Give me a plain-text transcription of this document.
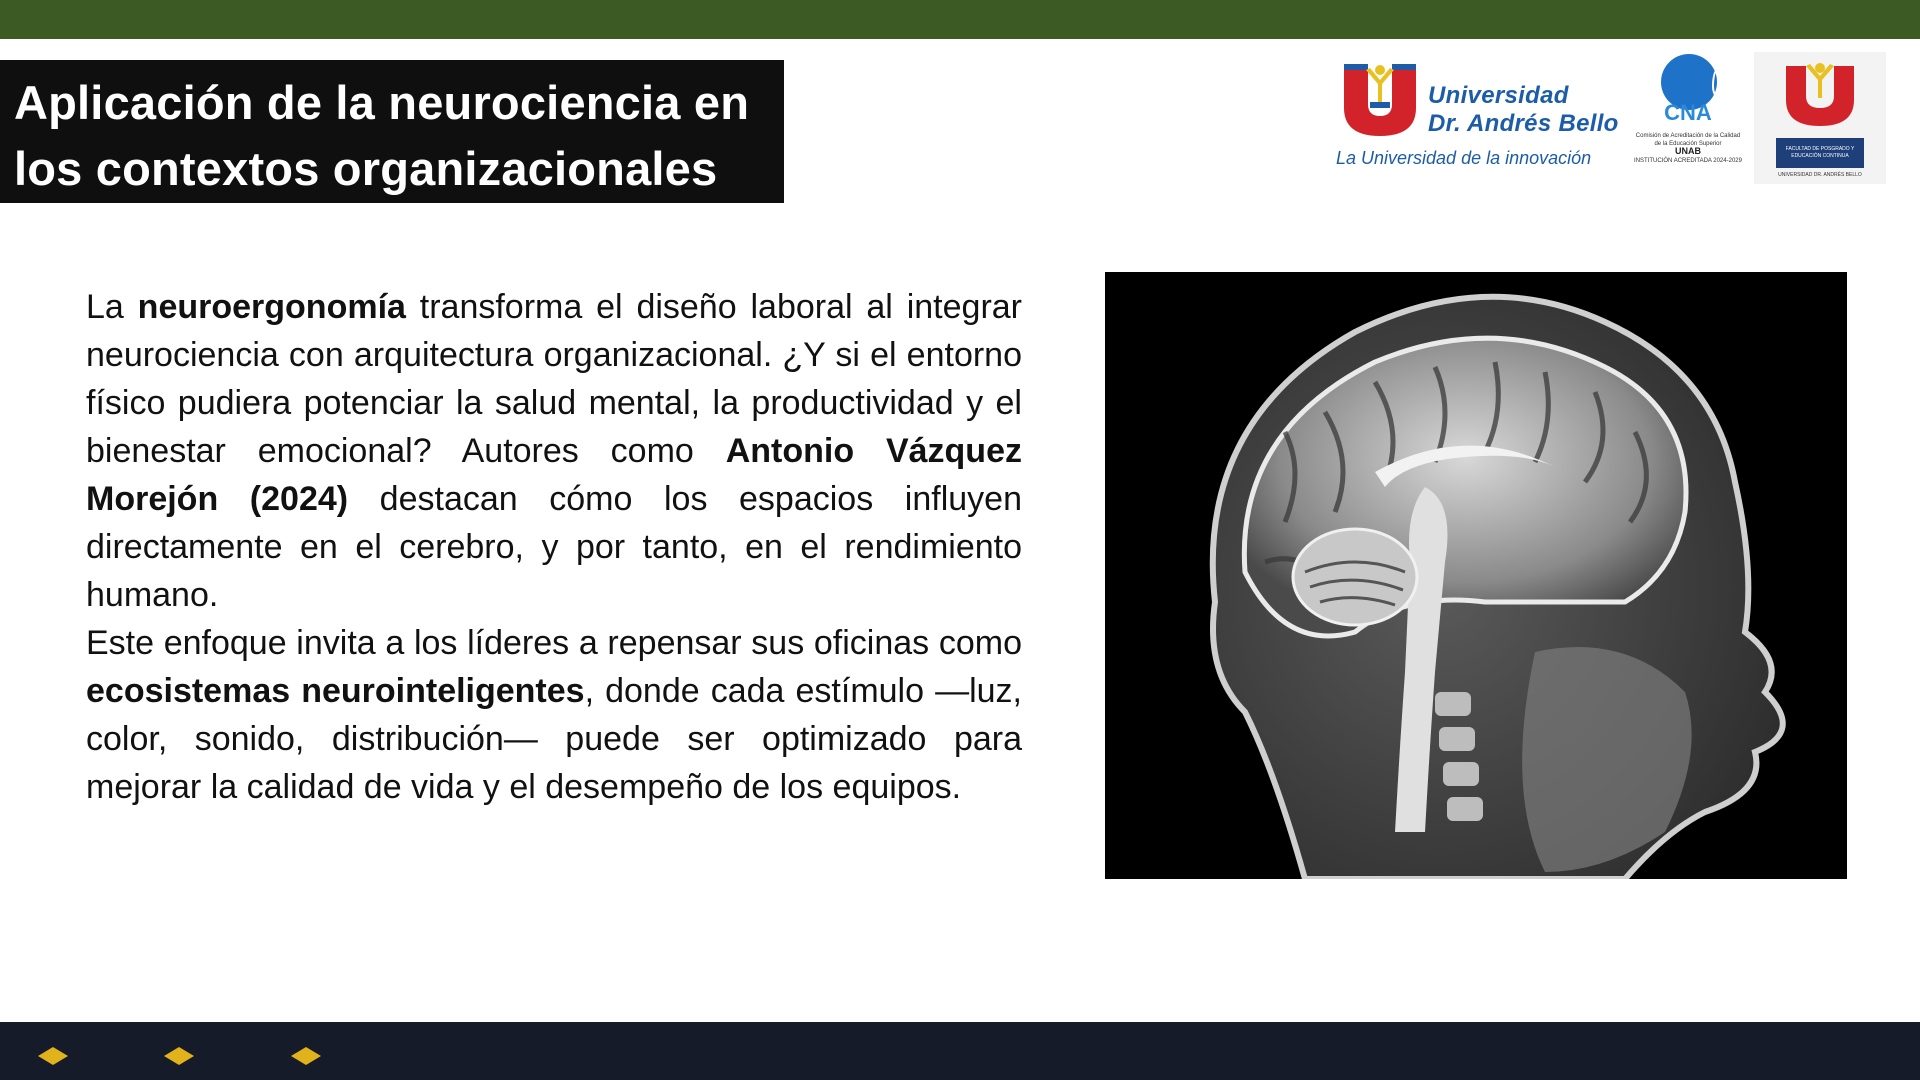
Aplicación de la neurociencia en
los contextos organizacionales
Universidad
Dr. Andrés Bello
La Universidad de la innovación
CNA
Comisión de Acreditación de la Calidad de la Educación Superior
UNAB
INSTITUCIÓN ACREDITADA 2024-2029
FACULTAD DE POSGRADO Y EDUCACIÓN CONTINUA
UNIVERSIDAD DR. ANDRÉS BELLO

La neuroergonomía transforma el diseño laboral al integrar neurociencia con arquitectura organizacional. ¿Y si el entorno físico pudiera potenciar la salud mental, la productividad y el bienestar emocional? Autores como Antonio Vázquez Morejón (2024) destacan cómo los espacios influyen directamente en el cerebro, y por tanto, en el rendimiento humano.

Este enfoque invita a los líderes a repensar sus oficinas como ecosistemas neurointeligentes, donde cada estímulo —luz, color, sonido, distribución— puede ser optimizado para mejorar la calidad de vida y el desempeño de los equipos.
